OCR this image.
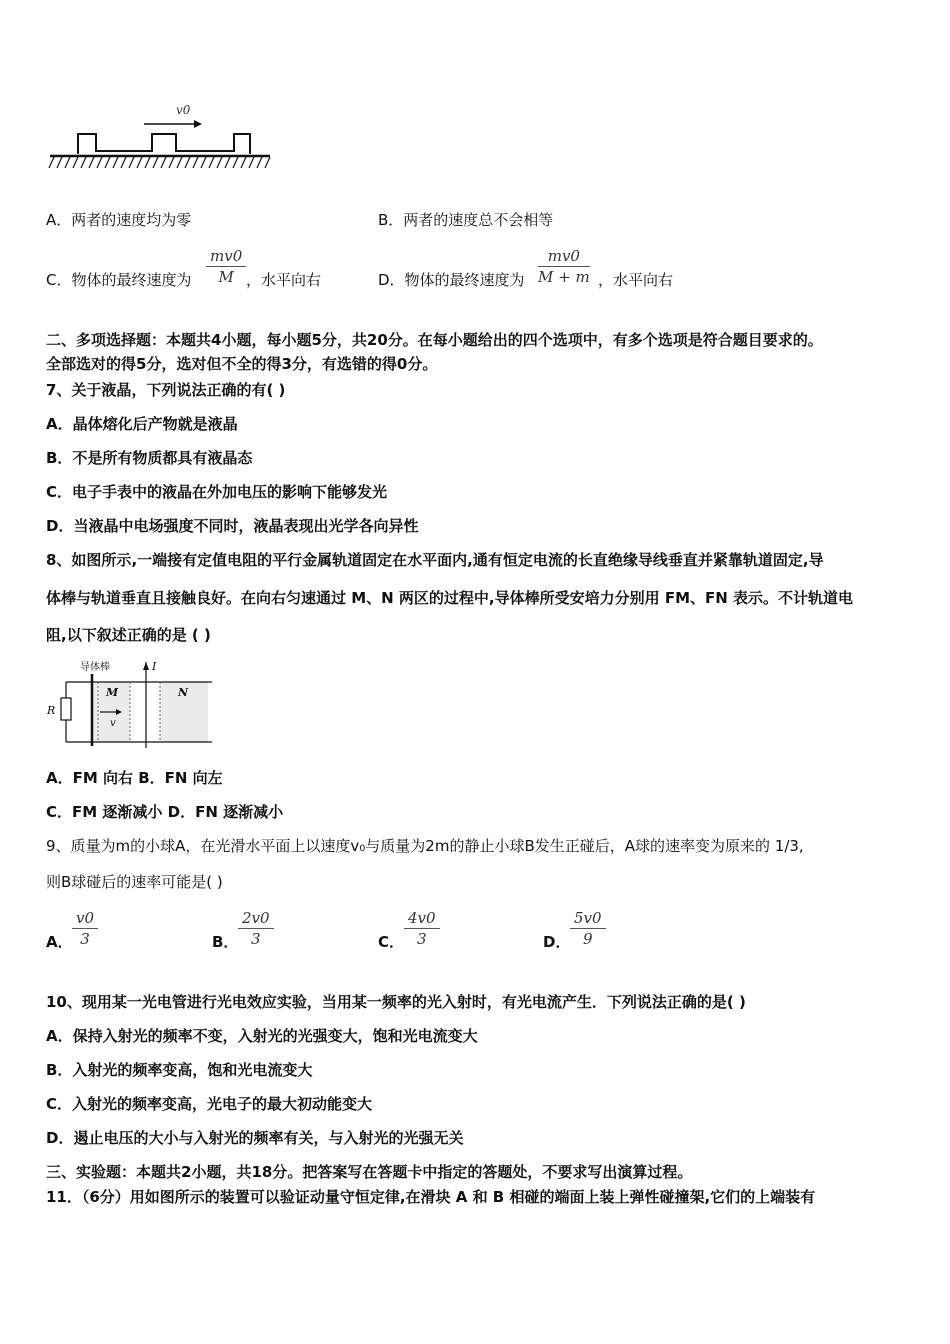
v0
A．两者的速度均为零	B．两者的速度总不会相等
C．物体的最终速度为 $\frac{mv0}{M}$ ，水平向右	D．物体的最终速度为 $\frac{mv0}{M + m}$ ，水平向右
二、多项选择题：本题共4小题，每小题5分，共20分。在每小题给出的四个选项中，有多个选项是符合题目要求的。
全部选对的得5分，选对但不全的得3分，有选错的得0分。
7、关于液晶，下列说法正确的有( )
A．晶体熔化后产物就是液晶
B．不是所有物质都具有液晶态
C．电子手表中的液晶在外加电压的影响下能够发光
D．当液晶中电场强度不同时，液晶表现出光学各向异性
8、如图所示,一端接有定值电阻的平行金属轨道固定在水平面内,通有恒定电流的长直绝缘导线垂直并紧靠轨道固定,导
体棒与轨道垂直且接触良好。在向右匀速通过 M、N 两区的过程中,导体棒所受安培力分别用 FM、FN 表示。不计轨道电
阻,以下叙述正确的是 ( )
R
导体棒	I
M	N
v
A．FM 向右 B．FN 向左
C．FM 逐渐减小 D．FN 逐渐减小
9、质量为m的小球A，在光滑水平面上以速度v₀与质量为2m的静止小球B发生正碰后，A球的速率变为原来的 1/3,
则B球碰后的速率可能是( )
A． $\frac{v0}{3}$	B． $\frac{2v0}{3}$	C． $\frac{4v0}{3}$	D． $\frac{5v0}{9}$
10、现用某一光电管进行光电效应实验，当用某一频率的光入射时，有光电流产生．下列说法正确的是( )
A．保持入射光的频率不变，入射光的光强变大，饱和光电流变大
B．入射光的频率变高，饱和光电流变大
C．入射光的频率变高，光电子的最大初动能变大
D．遏止电压的大小与入射光的频率有关，与入射光的光强无关
三、实验题：本题共2小题，共18分。把答案写在答题卡中指定的答题处，不要求写出演算过程。
11．（6分）用如图所示的装置可以验证动量守恒定律,在滑块 A 和 B 相碰的端面上装上弹性碰撞架,它们的上端装有
